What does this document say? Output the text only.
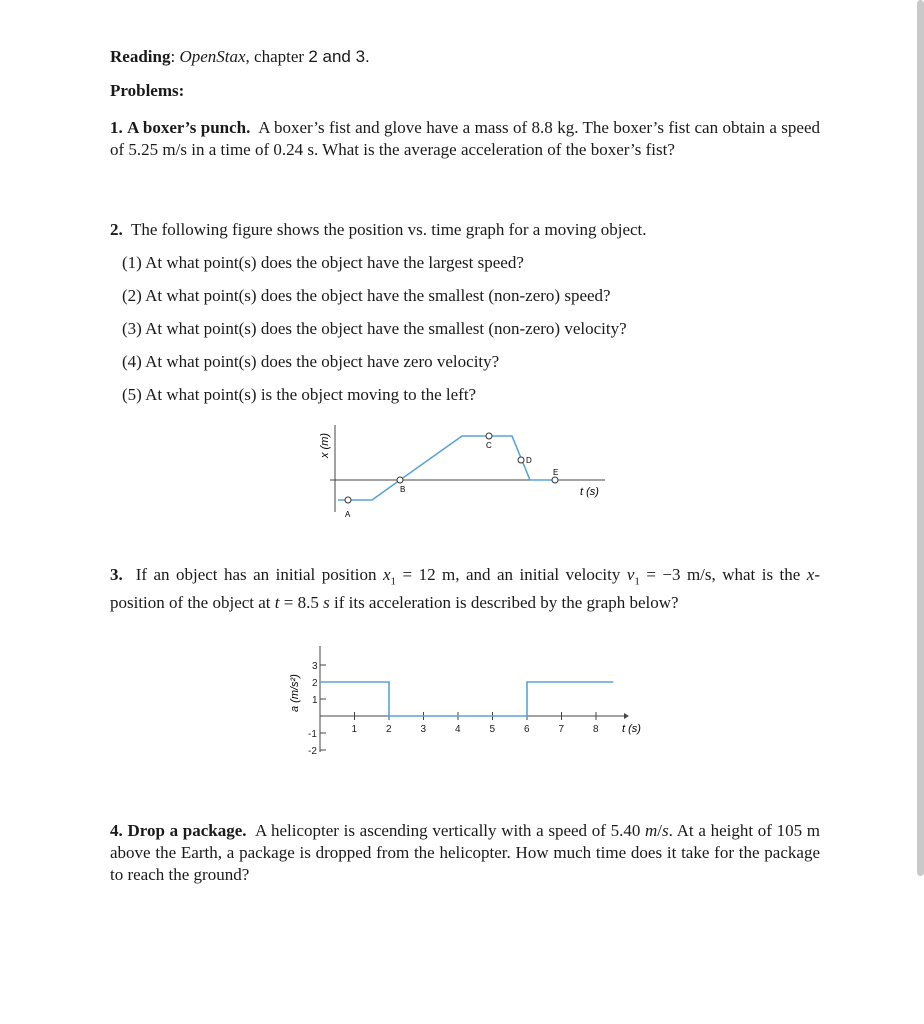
Reading: OpenStax, chapter 2 and 3.
Problems:
1. A boxer’s punch. A boxer’s fist and glove have a mass of 8.8 kg. The boxer’s fist can obtain a speed of 5.25 m/s in a time of 0.24 s. What is the average acceleration of the boxer’s fist?
2. The following figure shows the position vs. time graph for a moving object.
(1) At what point(s) does the object have the largest speed?
(2) At what point(s) does the object have the smallest (non-zero) speed?
(3) At what point(s) does the object have the smallest (non-zero) velocity?
(4) At what point(s) does the object have zero velocity?
(5) At what point(s) is the object moving to the left?
x (m)
t (s)
A
B
C
D
E
3. If an object has an initial position $x_1 = 12$ m, and an initial velocity $v_1 = -3$ m/s, what is the x-position of the object at t = 8.5 s if its acceleration is described by the graph below?
a (m/s²)
t (s)
1	2	3	4	5	6	7	8
3
2
1
-1
-2
4. Drop a package. A helicopter is ascending vertically with a speed of 5.40 m/s. At a height of 105 m above the Earth, a package is dropped from the helicopter. How much time does it take for the package to reach the ground?
